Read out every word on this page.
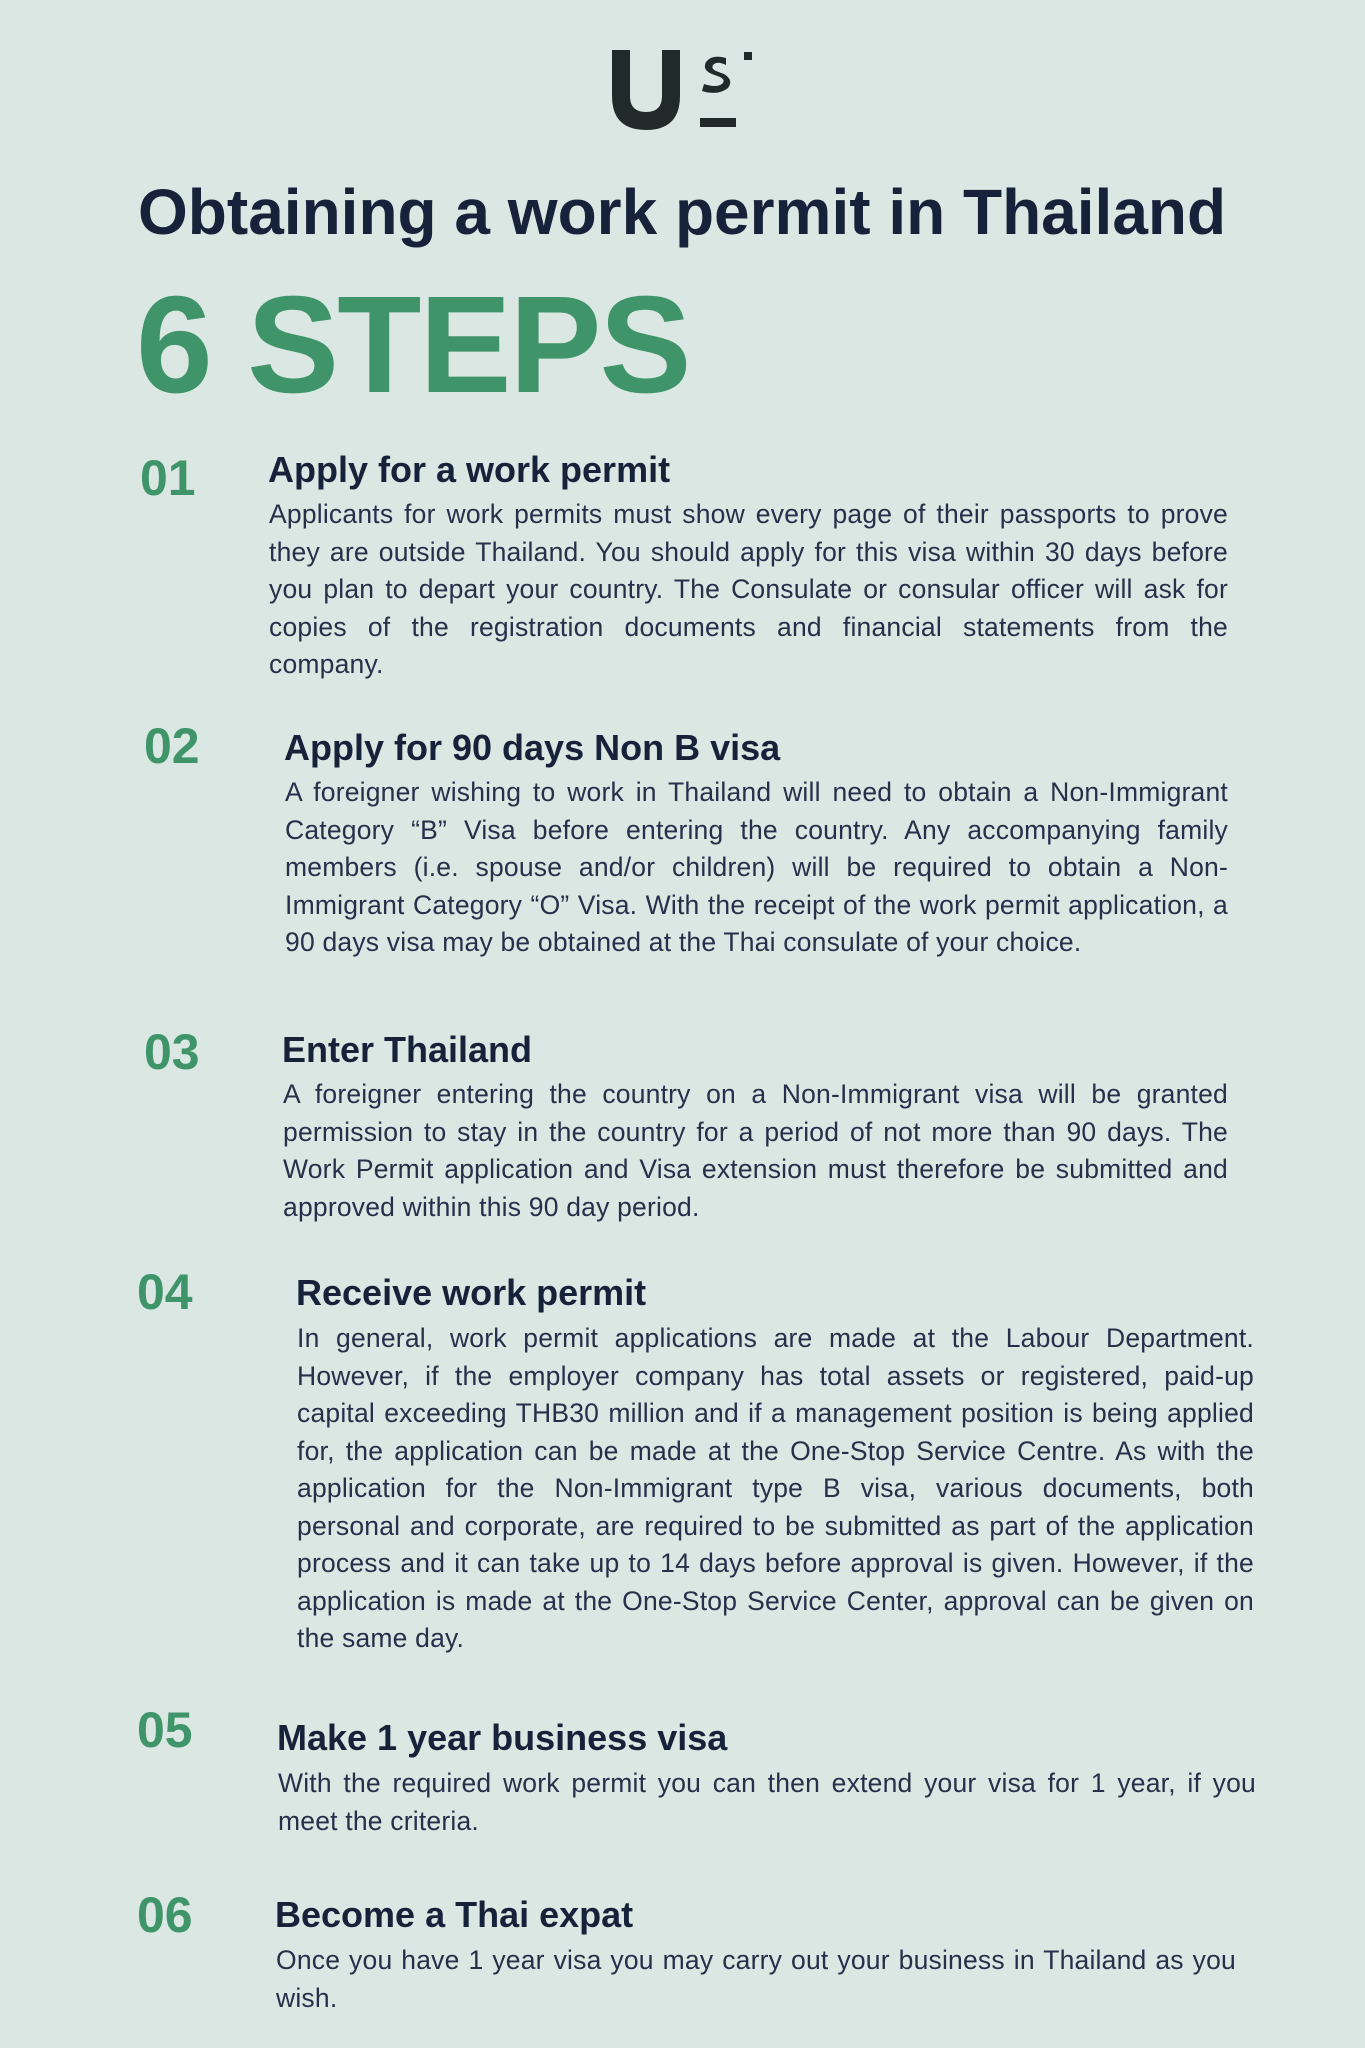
Obtaining a work permit in Thailand
6 STEPS
01 Apply for a work permit

Applicants for work permits must show every page of their passports to prove they are outside Thailand. You should apply for this visa within 30 days before you plan to depart your country. The Consulate or consular officer will ask for copies of the registration documents and financial statements from the company.

02 Apply for 90 days Non B visa

A foreigner wishing to work in Thailand will need to obtain a Non-Immigrant Category “B” Visa before entering the country. Any accompanying family members (i.e. spouse and/or children) will be required to obtain a Non-Immigrant Category “O” Visa. With the receipt of the work permit application, a 90 days visa may be obtained at the Thai consulate of your choice.

03 Enter Thailand

A foreigner entering the country on a Non-Immigrant visa will be granted permission to stay in the country for a period of not more than 90 days. The Work Permit application and Visa extension must therefore be submitted and approved within this 90 day period.

04	Receive work permit

In general, work permit applications are made at the Labour Department. However, if the employer company has total assets or registered, paid-up capital exceeding THB30 million and if a management position is being applied for, the application can be made at the One-Stop Service Centre. As with the application for the Non-Immigrant type B visa, various documents, both personal and corporate, are required to be submitted as part of the application process and it can take up to 14 days before approval is given. However, if the application is made at the One-Stop Service Center, approval can be given on the same day.

05 Make 1 year business visa

With the required work permit you can then extend your visa for 1 year, if you meet the criteria.

06 Become a Thai expat

Once you have 1 year visa you may carry out your business in Thailand as you wish.
